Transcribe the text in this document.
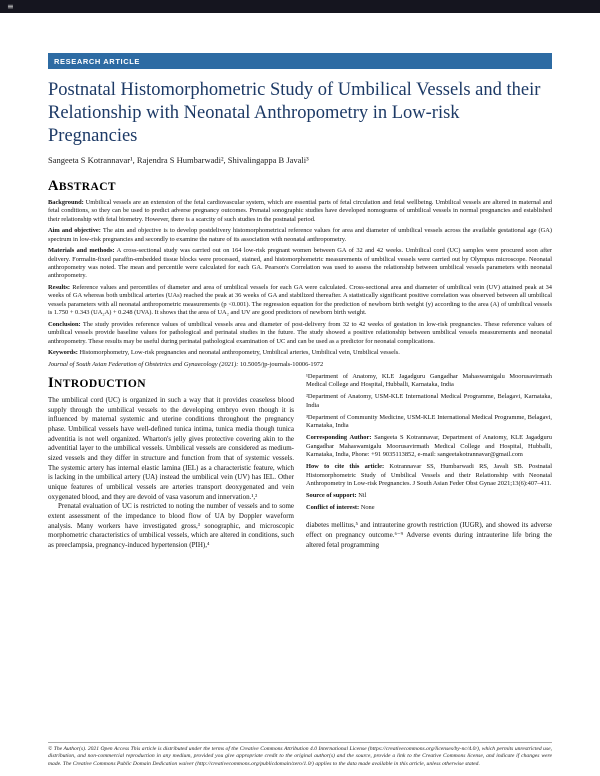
≡
RESEARCH ARTICLE
Postnatal Histomorphometric Study of Umbilical Vessels and their Relationship with Neonatal Anthropometry in Low-risk Pregnancies
Sangeeta S Kotrannavar¹, Rajendra S Humbarwadi², Shivalingappa B Javali³
ABSTRACT

Background: Umbilical vessels are an extension of the fetal cardiovascular system, which are essential parts of fetal circulation and fetal wellbeing. Umbilical vessels are altered in maternal and fetal conditions, so they can be used to predict adverse pregnancy outcomes. Prenatal sonographic studies have developed nomograms of umbilical vessels in normal pregnancies and established their relationship with fetal biometry. However, there is a scarcity of such studies in the postnatal period.

Aim and objective: The aim and objective is to develop postdelivery histomorphometrical reference values for area and diameter of umbilical vessels across the available gestational age (GA) spectrum in low-risk pregnancies and secondly to examine the nature of its association with neonatal anthropometry.

Materials and methods: A cross-sectional study was carried out on 164 low-risk pregnant women between GA of 32 and 42 weeks. Umbilical cord (UC) samples were procured soon after delivery. Formalin-fixed paraffin-embedded tissue blocks were processed, stained, and histomorphometric measurements of umbilical vessels were carried out by Olympus microscope. Neonatal anthropometry was noted. The mean and percentile were calculated for each GA. Pearson's Correlation was used to assess the relationship between umbilical vessels parameters with neonatal anthropometry.

Results: Reference values and percentiles of diameter and area of umbilical vessels for each GA were calculated. Cross-sectional area and diameter of umbilical vein (UV) attained peak at 34 weeks of GA whereas both umbilical arteries (UAs) reached the peak at 36 weeks of GA and stabilized thereafter. A statistically significant positive correlation was observed between all umbilical vessels parameters with all neonatal anthropometric measurements (p <0.001). The regression equation for the prediction of newborn birth weight (y) according to the area (A) of umbilical vessels is 1.750 + 0.343 (UA₂A) + 0.248 (UVA). It shows that the area of UA₂ and UV are good predictors of newborn birth weight.

Conclusion: The study provides reference values of umbilical vessels area and diameter of post-delivery from 32 to 42 weeks of gestation in low-risk pregnancies. These reference values of umbilical vessels provide baseline values for pathological and perinatal studies in the future. The study showed a positive relationship between umbilical vessels measurements and neonatal anthropometry. These results may be useful during perinatal pathological examination of UC and can be used as a predictor for neonatal complications.

Keywords: Histomorphometry, Low-risk pregnancies and neonatal anthropometry, Umbilical arteries, Umbilical vein, Umbilical vessels.

Journal of South Asian Federation of Obstetrics and Gynaecology (2021): 10.5005/jp-journals-10006-1972

INTRODUCTION

The umbilical cord (UC) is organized in such a way that it provides ceaseless blood supply through the umbilical vessels to the developing embryo even though it is influenced by maternal systemic and uterine conditions throughout the pregnancy phase. Umbilical vessels have well-defined tunica intima, tunica media though tunica adventitia is not well organized. Wharton's jelly gives protective covering akin to the adventitial layer to the umbilical vessels. Umbilical vessels are considered as medium-sized vessels and they differ in structure and function from that of systemic vessels. The systemic artery has internal elastic lamina (IEL) as a characteristic feature, which is lacking in the umbilical artery (UA) instead the umbilical vein (UV) has IEL. Other unique features of umbilical vessels are arteries transport deoxygenated and vein oxygenated blood, and they are devoid of vasa vasorum and innervation.¹,²

Prenatal evaluation of UC is restricted to noting the number of vessels and to some extent assessment of the impedance to blood flow of UA by Doppler waveform analysis. Many workers have investigated gross,³ sonographic, and microscopic morphometric characteristics of umbilical vessels, which are altered in conditions, such as preeclampsia, pregnancy-induced hypertension (PIH),⁴

¹Department of Anatomy, KLE Jagadguru Gangadhar Mahaswamigalu Moorusavirmath Medical College and Hospital, Hubballi, Karnataka, India

²Department of Anatomy, USM-KLE International Medical Programme, Belagavi, Karnataka, India

³Department of Community Medicine, USM-KLE International Medical Programme, Belagavi, Karnataka, India

Corresponding Author: Sangeeta S Kotrannavar, Department of Anatomy, KLE Jagadguru Gangadhar Mahaswamigalu Moorusavirmath Medical College and Hospital, Hubballi, Karnataka, India, Phone: +91 9035113852, e-mail: sangeetakotrannavar@gmail.com

How to cite this article: Kotrannavar SS, Humbarwadi RS, Javali SB. Postnatal Histomorphometric Study of Umbilical Vessels and their Relationship with Neonatal Anthropometry in Low-risk Pregnancies. J South Asian Feder Obst Gynae 2021;13(6):407–411.

Source of support: Nil

Conflict of interest: None

diabetes mellitus,⁵ and intrauterine growth restriction (IUGR), and showed its adverse effect on pregnancy outcome.⁶⁻⁹ Adverse events during intrauterine life bring the altered fetal programming

© The Author(s). 2021 Open Access This article is distributed under the terms of the Creative Commons Attribution 4.0 International License (https://creativecommons.org/licenses/by-nc/4.0/), which permits unrestricted use, distribution, and non-commercial reproduction in any medium, provided you give appropriate credit to the original author(s) and the source, provide a link to the Creative Commons license, and indicate if changes were made. The Creative Commons Public Domain Dedication waiver (http://creativecommons.org/publicdomain/zero/1.0/) applies to the data made available in this article, unless otherwise stated.
